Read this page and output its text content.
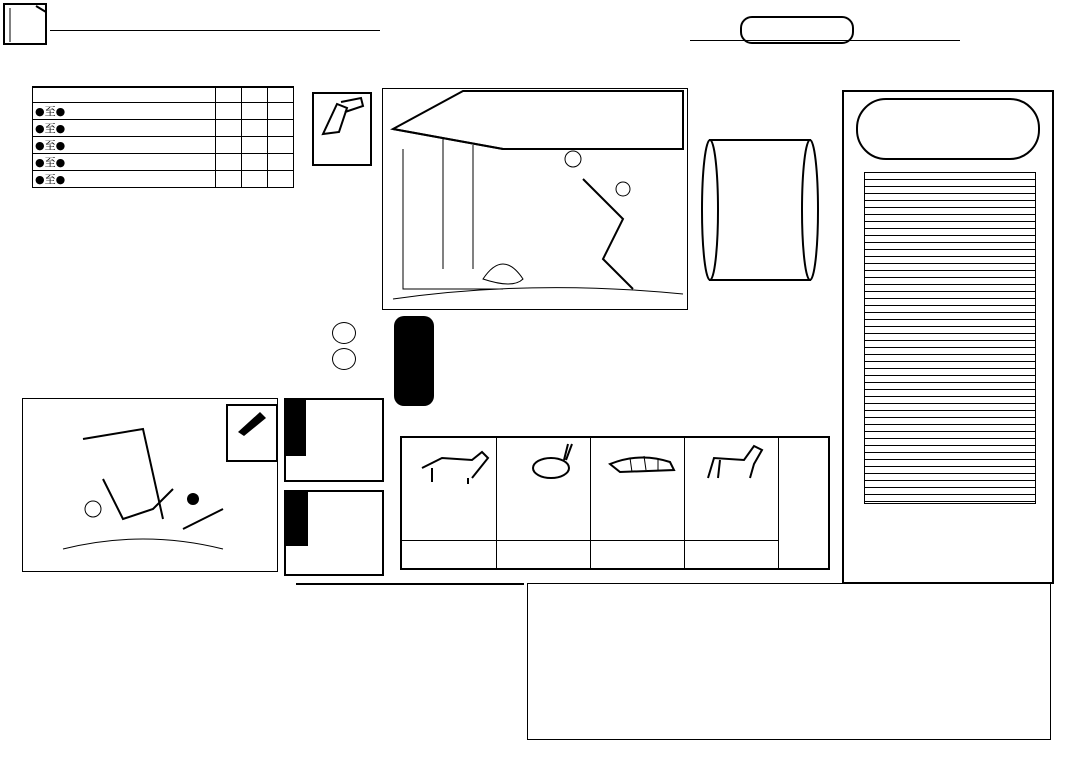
●至●			
●至●			
●至●			
●至●			
●至●			
